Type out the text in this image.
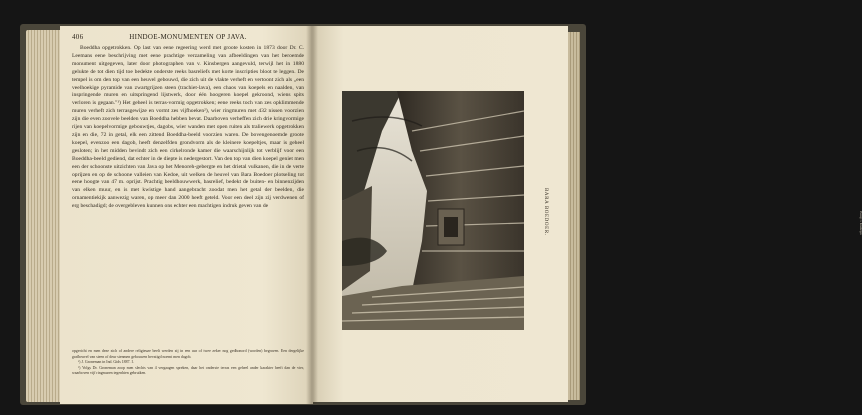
406	HINDOE-MONUMENTEN OP JAVA.

Boeddha opgetrokken. Op last van eene regeering werd met groote kosten in 1873 door Dr. C. Leemans eene beschrijving met eene prachtige verzameling van afbeeldingen van het beroemde monument uitgegeven, later door photographen van v. Kinsbergen aangevuld, terwijl het in 1880 gelukte de tot dien tijd toe bedekte onderste reeks basreliefs met korte inscripties bloot te leggen. De tempel is om den top van een heuvel gebouwd, die zich uit de vlakte verheft en vertoont zich als „een veelhoekige pyramide van zwartgrijzen steen (trachiet-lava), een chaos van koepels en naalden, van inspringende muren en uitspringend lijstwerk, door één hoogeren koepel gekroond, wiens spits verloren is gegaan."¹) Het geheel is terras-vormig opgetrokken; eene reeks toch van zes opklimmende muren verheft zich terrasgewijze en vormt zes vijfhoeken²), wier ringmuren met 432 nissen voorzien zijn die even zoovele beelden van Boeddha hebben bevat. Daarboven verheffen zich drie kringvormige rijen van koepelvormige gebouwtjes, dagobs, wier wanden met open ruiten als traliewerk opgetrokken zijn en die, 72 in getal, elk een zittend Boeddha-beeld voorzien waren. De bovengenoemde groote koepel, evenzoo een dagob, heeft denzelfden grondvorm als de kleinere koepeltjes, maar is geheel gesloten; in het midden bevindt zich een cirkelronde kamer die waarschijnlijk tot verblijf voor een Boeddha-beeld gediend, dat echter in de diepte is nedergestort. Van den top van dien koepel geniet men een der schoonste uitzichten van Java op het Menoreh-gebergte en het drietal vulkanen, die in de verte oprijzen en op de schoone valleien van Kedoe, uit welken de heuvel van Bara Boedoer plotseling tot eene hoogte van 47 m. oprijst. Prachtig beeldhouwwerk, basrelief, bedekt de buiten- en binnenzijden van elken muur, en is met kwistige hand aangebracht zoodat men het getal der beelden, die ornamentiekijk aanwezig waren, op meer dan 2000 heeft geteld. Voor een deel zijn zij verdwenen of erg beschadigd; de overgebleven kunnen ons echter een machtigen indruk geven van de

opgericht en men deze zich of andere religieuze beelt werden zij in een uur of twee zeker nog gedhonord (worden) begraven. Een dergelijke grafheuvel van steen of deur stenmen gebouwen bevatigd noemt men dagob.

¹) J. Groneman in Ind. Gids 1887. I.

²) Volgs Dr. Groneman zoop men slechts van 4 vergaagen spreken, daar het onderste terras een geheel ander karakter heeft dan de vier, waarboven vijf ringmuren tegenhien gebruiken.

Photogr. v. Kinsbergen
BARA BOEDOER.
